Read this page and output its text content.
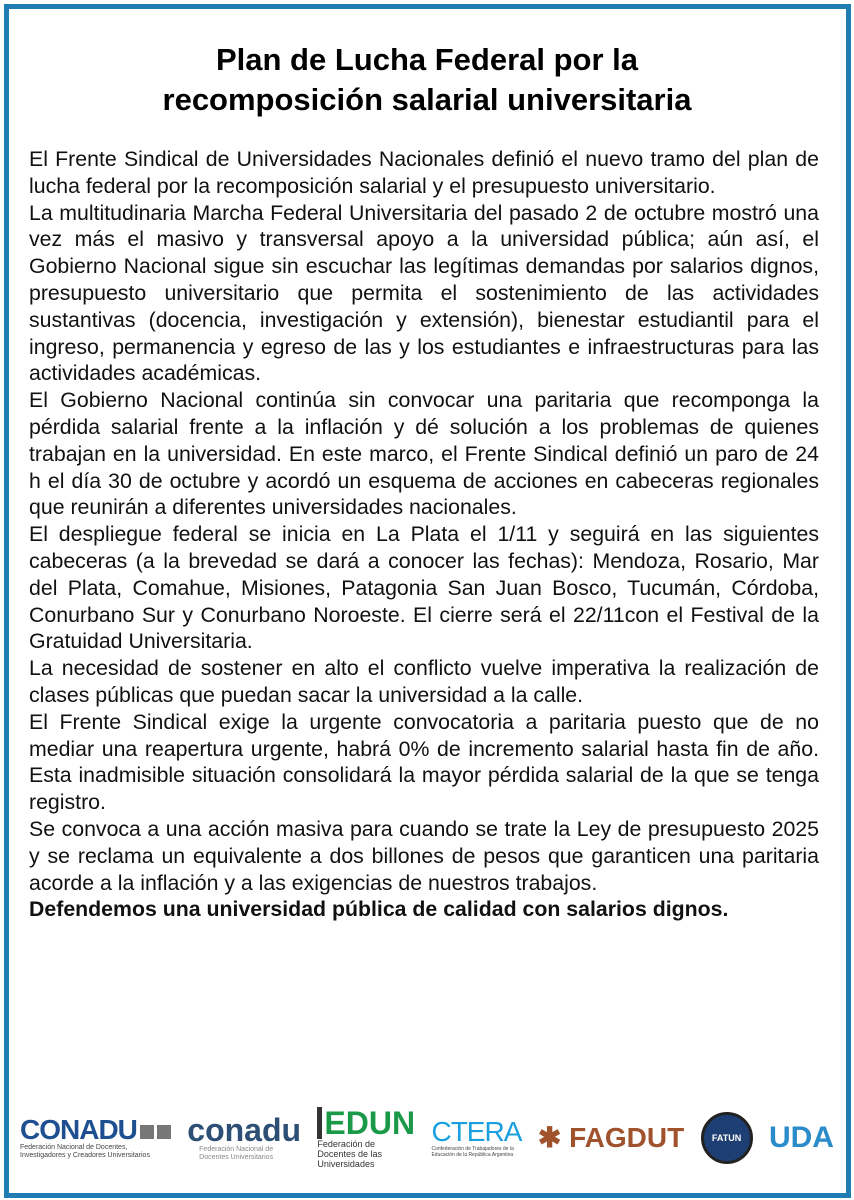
Plan de Lucha Federal por la
recomposición salarial universitaria

El Frente Sindical de Universidades Nacionales definió el nuevo tramo del plan de lucha federal por la recomposición salarial y el presupuesto universitario.

La multitudinaria Marcha Federal Universitaria del pasado 2 de octubre mostró una vez más el masivo y transversal apoyo a la universidad pública; aún así, el Gobierno Nacional sigue sin escuchar las legítimas demandas por salarios dignos, presupuesto universitario que permita el sostenimiento de las actividades sustantivas (docencia, investigación y extensión), bienestar estudiantil para el ingreso, permanencia y egreso de las y los estudiantes e infraestructuras para las actividades académicas.

El Gobierno Nacional continúa sin convocar una paritaria que recomponga la pérdida salarial frente a la inflación y dé solución a los problemas de quienes trabajan en la universidad. En este marco, el Frente Sindical definió un paro de 24 h el día 30 de octubre y acordó un esquema de acciones en cabeceras regionales que reunirán a diferentes universidades nacionales.

El despliegue federal se inicia en La Plata el 1/11 y seguirá en las siguientes cabeceras (a la brevedad se dará a conocer las fechas): Mendoza, Rosario, Mar del Plata, Comahue, Misiones, Patagonia San Juan Bosco, Tucumán, Córdoba, Conurbano Sur y Conurbano Noroeste. El cierre será el 22/11con el Festival de la Gratuidad Universitaria.

La necesidad de sostener en alto el conflicto vuelve imperativa la realización de clases públicas que puedan sacar la universidad a la calle.

El Frente Sindical exige la urgente convocatoria a paritaria puesto que de no mediar una reapertura urgente, habrá 0% de incremento salarial hasta fin de año. Esta inadmisible situación consolidará la mayor pérdida salarial de la que se tenga registro.

Se convoca a una acción masiva para cuando se trate la Ley de presupuesto 2025 y se reclama un equivalente a dos billones de pesos que garanticen una paritaria acorde a la inflación y a las exigencias de nuestros trabajos.

Defendemos una universidad pública de calidad con salarios dignos.

CONADU
Federación Nacional de Docentes, Investigadores y Creadores Universitarios
conadu
Federación Nacional de Docentes Universitarios
EDUN
Federación de Docentes de las Universidades
CTERA
Confederación de Trabajadores de la Educación de la República Argentina
✱ FAGDUT	FATUN UDA
